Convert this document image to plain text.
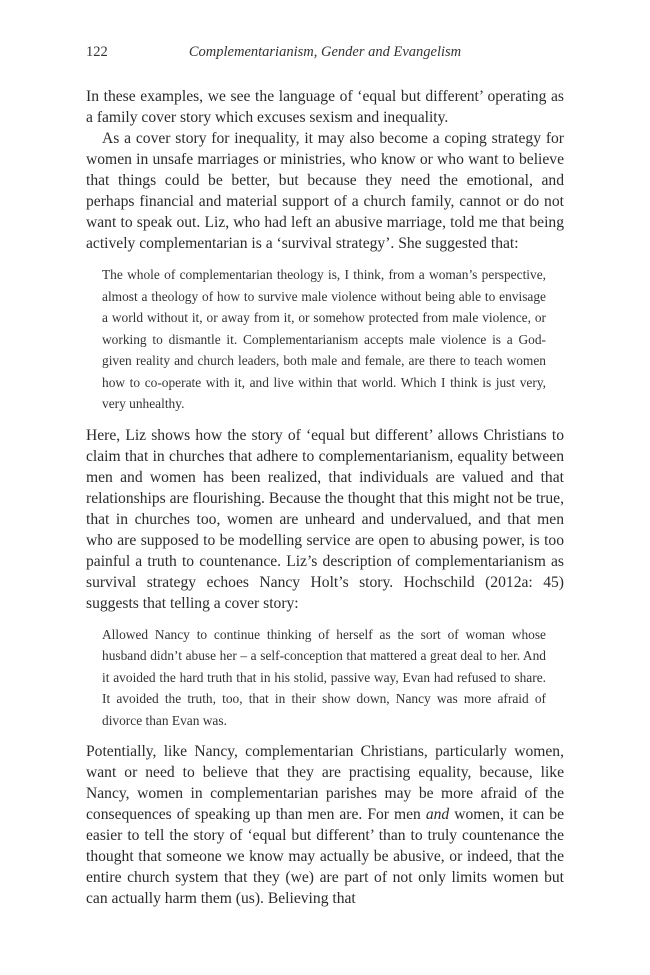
122	Complementarianism, Gender and Evangelism

In these examples, we see the language of ‘equal but different’ operating as a family cover story which excuses sexism and inequality.

As a cover story for inequality, it may also become a coping strategy for women in unsafe marriages or ministries, who know or who want to believe that things could be better, but because they need the emotional, and perhaps financial and material support of a church family, cannot or do not want to speak out. Liz, who had left an abusive marriage, told me that being actively complementarian is a ‘survival strategy’. She suggested that:

The whole of complementarian theology is, I think, from a woman’s perspective, almost a theology of how to survive male violence without being able to envisage a world without it, or away from it, or somehow protected from male violence, or working to dismantle it. Complementarianism accepts male violence is a God-given reality and church leaders, both male and female, are there to teach women how to co-operate with it, and live within that world. Which I think is just very, very unhealthy.

Here, Liz shows how the story of ‘equal but different’ allows Christians to claim that in churches that adhere to complementarianism, equality between men and women has been realized, that individuals are valued and that relationships are flourishing. Because the thought that this might not be true, that in churches too, women are unheard and undervalued, and that men who are supposed to be modelling service are open to abusing power, is too painful a truth to countenance. Liz’s description of complementarianism as survival strategy echoes Nancy Holt’s story. Hochschild (2012a: 45) suggests that telling a cover story:

Allowed Nancy to continue thinking of herself as the sort of woman whose husband didn’t abuse her – a self-conception that mattered a great deal to her. And it avoided the hard truth that in his stolid, passive way, Evan had refused to share. It avoided the truth, too, that in their show down, Nancy was more afraid of divorce than Evan was.

Potentially, like Nancy, complementarian Christians, particularly women, want or need to believe that they are practising equality, because, like Nancy, women in complementarian parishes may be more afraid of the consequences of speaking up than men are. For men and women, it can be easier to tell the story of ‘equal but different’ than to truly countenance the thought that someone we know may actually be abusive, or indeed, that the entire church system that they (we) are part of not only limits women but can actually harm them (us). Believing that
